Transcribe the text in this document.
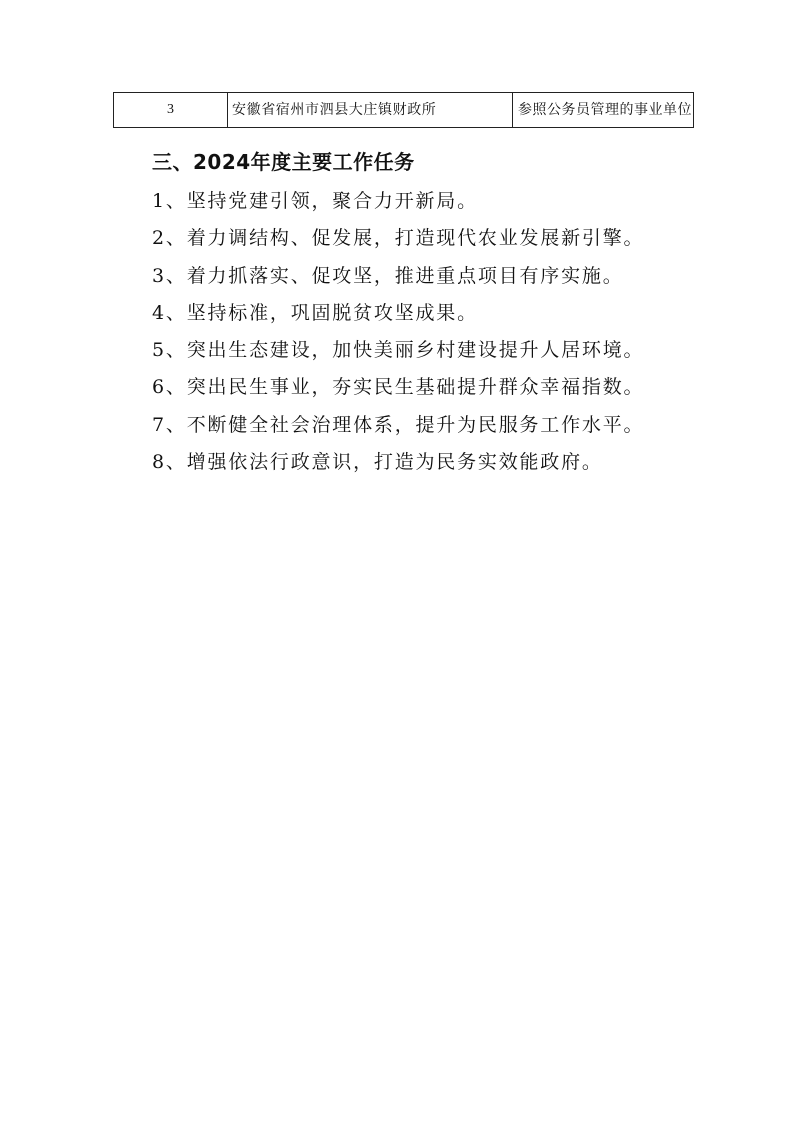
3	安徽省宿州市泗县大庄镇财政所	参照公务员管理的事业单位
三、2024年度主要工作任务
1、坚持党建引领，聚合力开新局。
2、着力调结构、促发展，打造现代农业发展新引擎。
3、着力抓落实、促攻坚，推进重点项目有序实施。
4、坚持标准，巩固脱贫攻坚成果。
5、突出生态建设，加快美丽乡村建设提升人居环境。
6、突出民生事业，夯实民生基础提升群众幸福指数。
7、不断健全社会治理体系，提升为民服务工作水平。
8、增强依法行政意识，打造为民务实效能政府。
